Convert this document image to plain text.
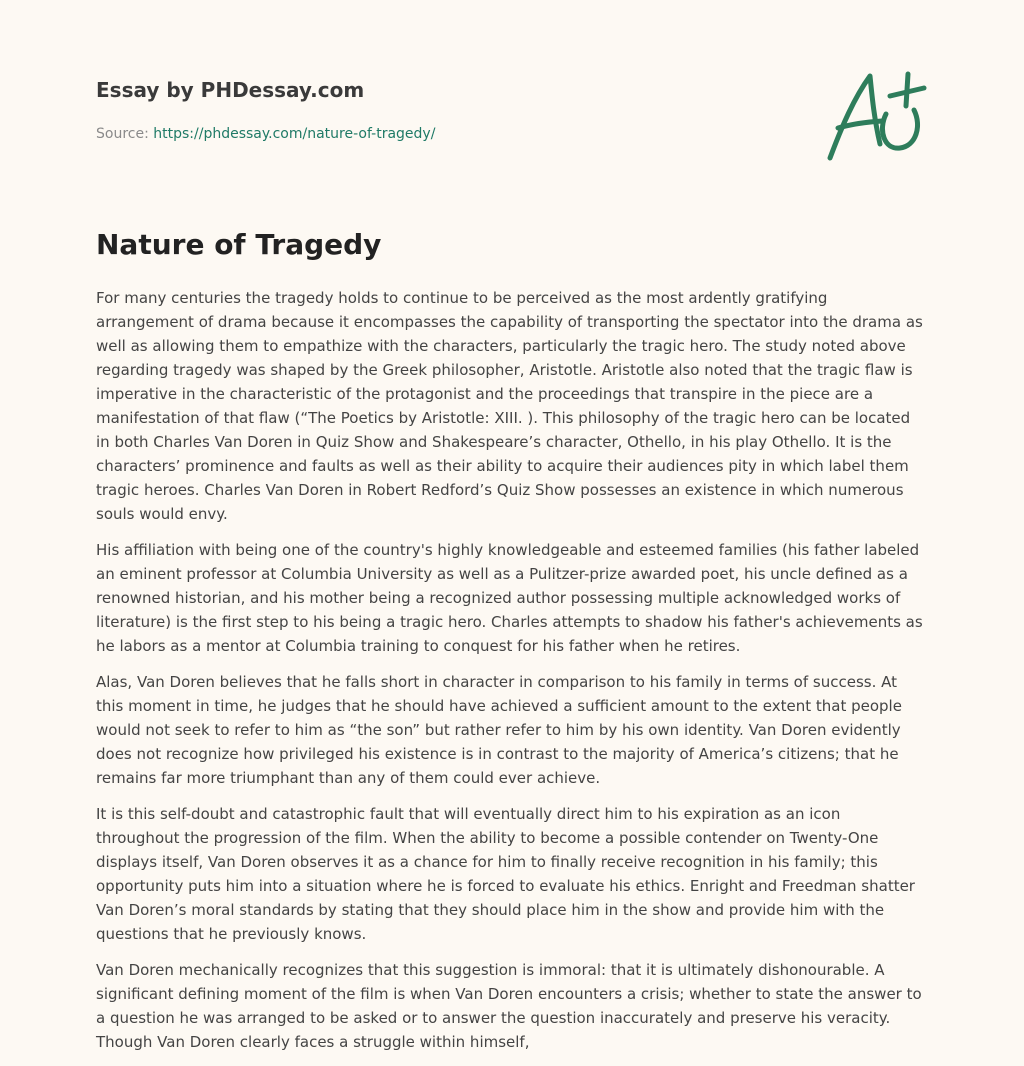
Essay by PHDessay.com
Source: https://phdessay.com/nature-of-tragedy/
Nature of Tragedy

For many centuries the tragedy holds to continue to be perceived as the most ardently gratifying arrangement of drama because it encompasses the capability of transporting the spectator into the drama as well as allowing them to empathize with the characters, particularly the tragic hero. The study noted above regarding tragedy was shaped by the Greek philosopher, Aristotle. Aristotle also noted that the tragic flaw is imperative in the characteristic of the protagonist and the proceedings that transpire in the piece are a manifestation of that flaw (“The Poetics by Aristotle: XIII. ). This philosophy of the tragic hero can be located in both Charles Van Doren in Quiz Show and Shakespeare’s character, Othello, in his play Othello. It is the characters’ prominence and faults as well as their ability to acquire their audiences pity in which label them tragic heroes. Charles Van Doren in Robert Redford’s Quiz Show possesses an existence in which numerous souls would envy.

His affiliation with being one of the country's highly knowledgeable and esteemed families (his father labeled an eminent professor at Columbia University as well as a Pulitzer-prize awarded poet, his uncle defined as a renowned historian, and his mother being a recognized author possessing multiple acknowledged works of literature) is the first step to his being a tragic hero. Charles attempts to shadow his father's achievements as he labors as a mentor at Columbia training to conquest for his father when he retires.

Alas, Van Doren believes that he falls short in character in comparison to his family in terms of success. At this moment in time, he judges that he should have achieved a sufficient amount to the extent that people would not seek to refer to him as “the son” but rather refer to him by his own identity. Van Doren evidently does not recognize how privileged his existence is in contrast to the majority of America’s citizens; that he remains far more triumphant than any of them could ever achieve.

It is this self-doubt and catastrophic fault that will eventually direct him to his expiration as an icon throughout the progression of the film. When the ability to become a possible contender on Twenty-One displays itself, Van Doren observes it as a chance for him to finally receive recognition in his family; this opportunity puts him into a situation where he is forced to evaluate his ethics. Enright and Freedman shatter Van Doren’s moral standards by stating that they should place him in the show and provide him with the questions that he previously knows.

Van Doren mechanically recognizes that this suggestion is immoral: that it is ultimately dishonourable. A significant defining moment of the film is when Van Doren encounters a crisis; whether to state the answer to a question he was arranged to be asked or to answer the question inaccurately and preserve his veracity. Though Van Doren clearly faces a struggle within himself,
